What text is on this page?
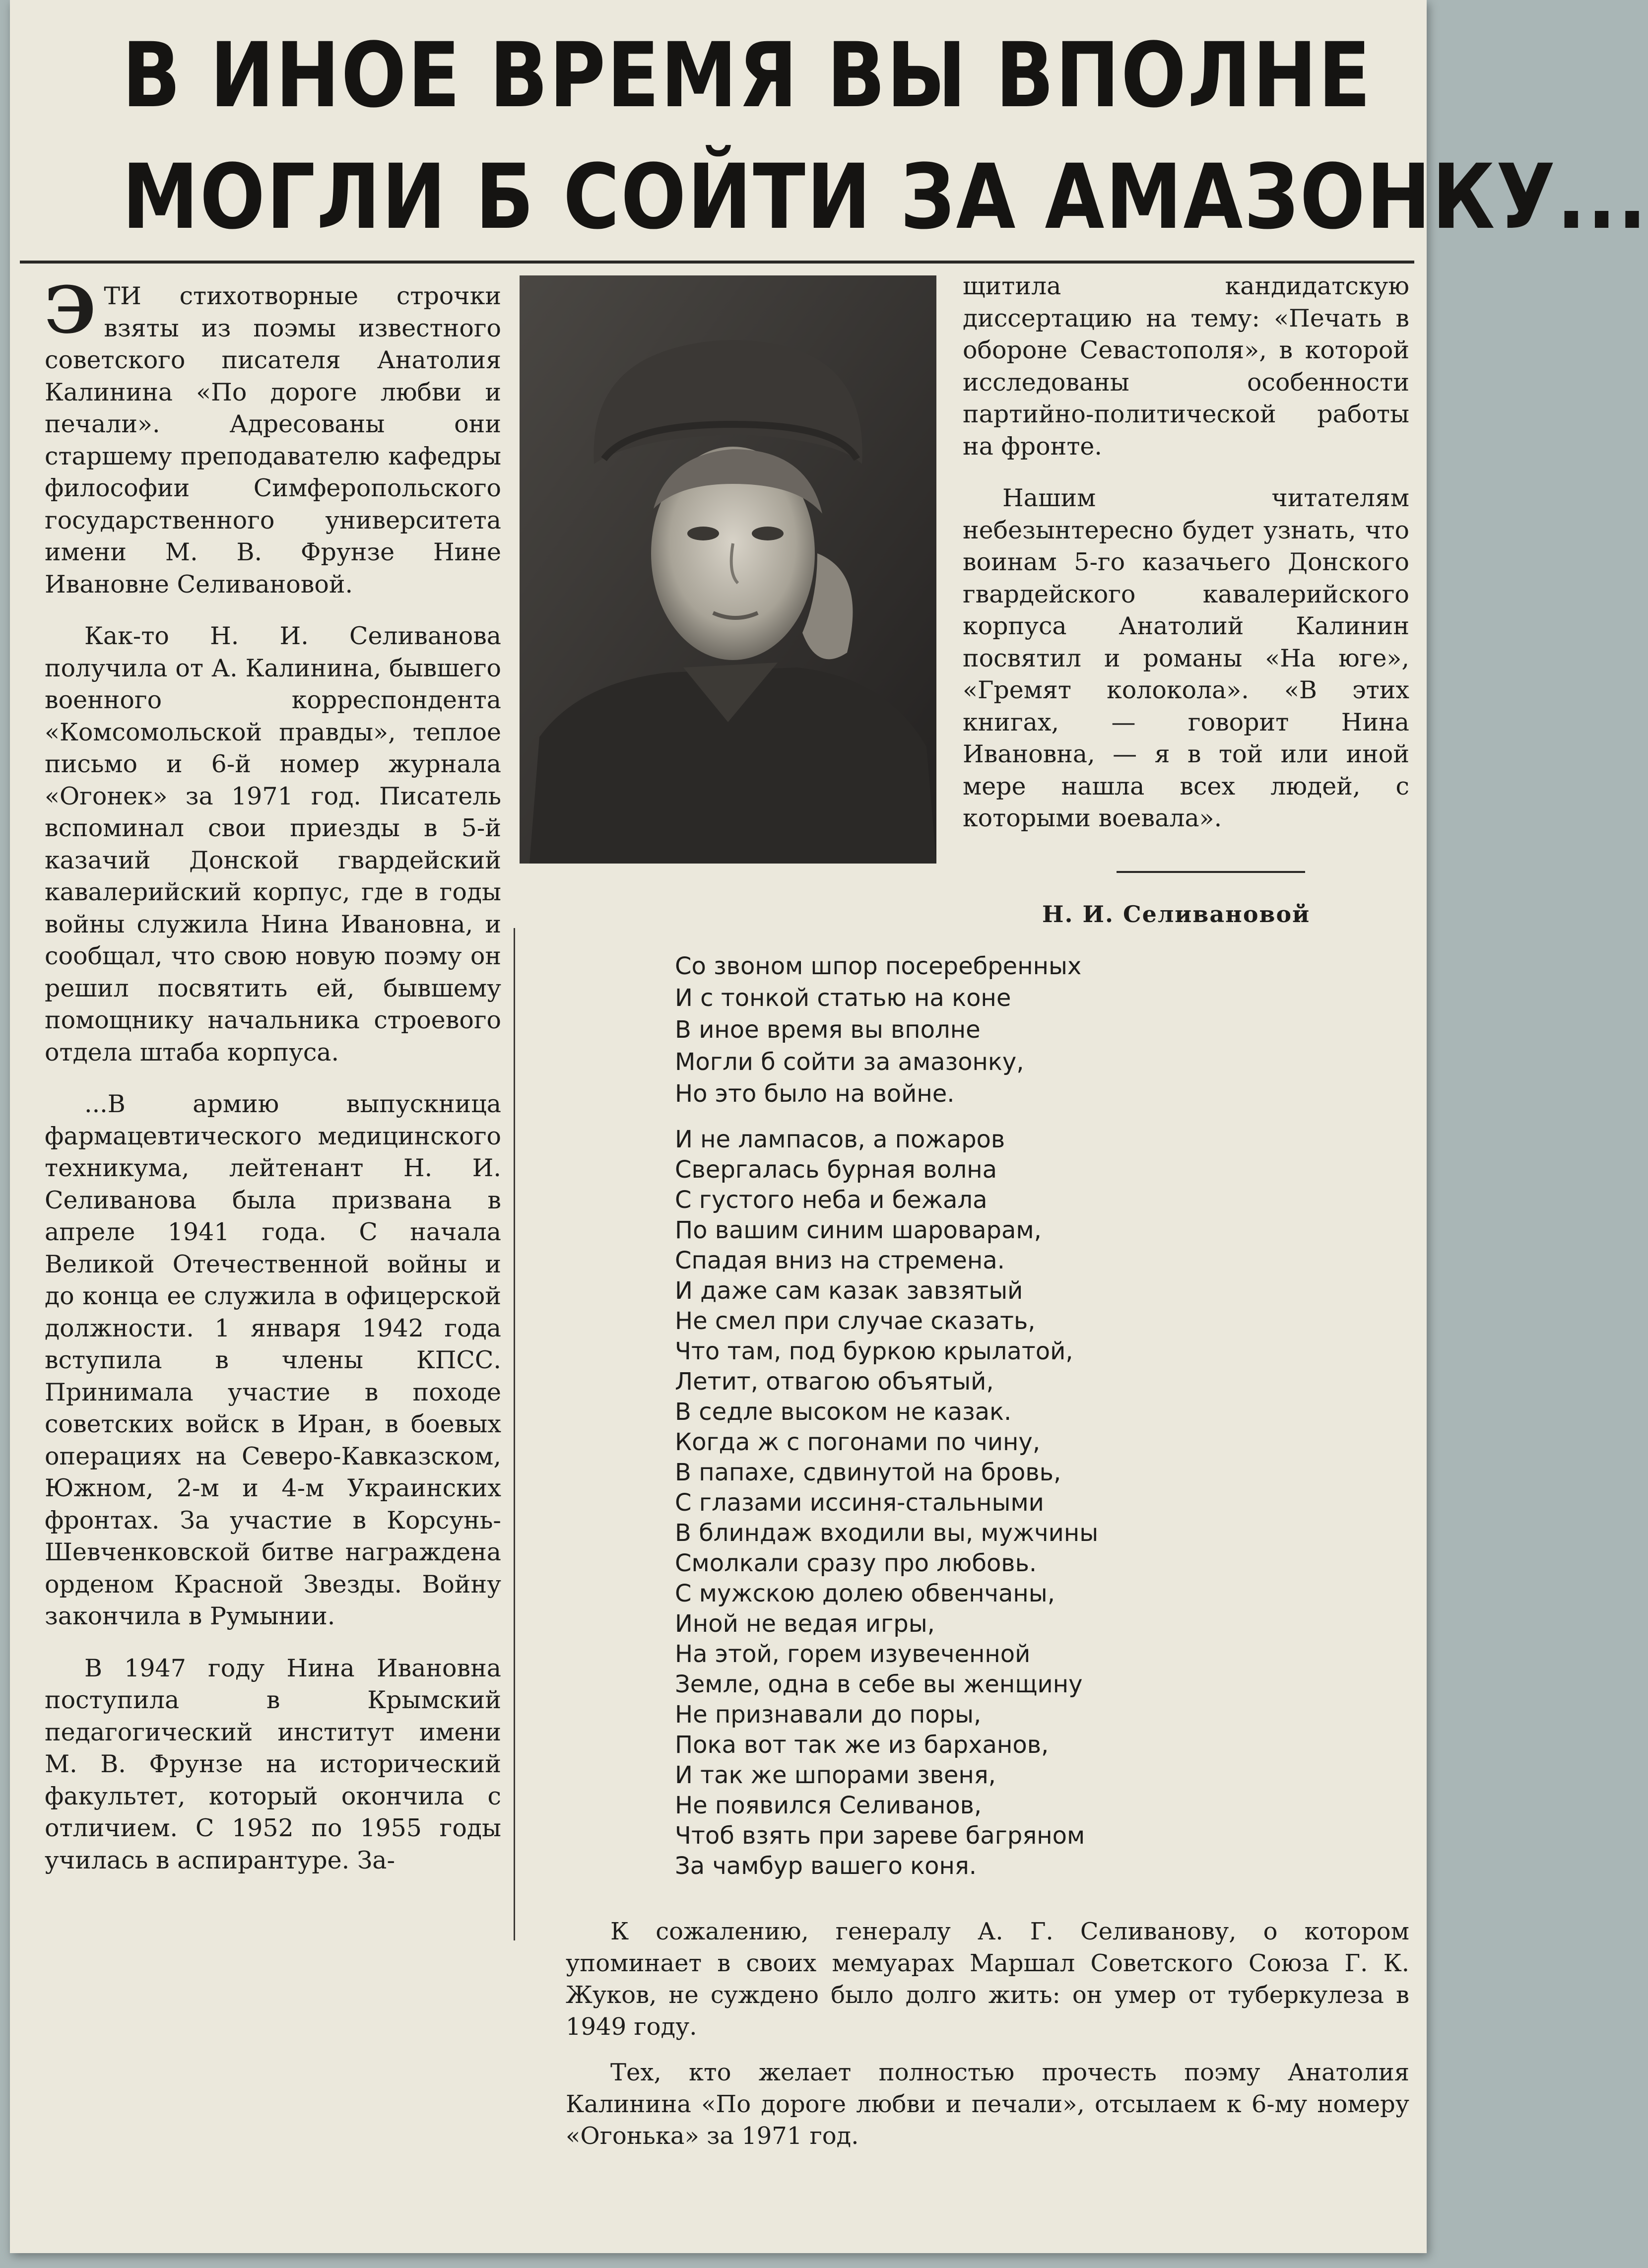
В ИНОЕ ВРЕМЯ ВЫ ВПОЛНЕ
МОГЛИ Б СОЙТИ ЗА АМАЗОНКУ...

ЭТИ стихотворные строчки взяты из поэмы известного советского писателя Анатолия Калинина «По дороге любви и печали». Адресованы они старшему преподавателю кафедры философии Симферопольского государственного университета имени М. В. Фрунзе Нине Ивановне Селивановой.

Как-то Н. И. Селиванова получила от А. Калинина, бывшего военного корреспондента «Комсомольской правды», теплое письмо и 6-й номер журнала «Огонек» за 1971 год. Писатель вспоминал свои приезды в 5-й казачий Донской гвардейский кавалерийский корпус, где в годы войны служила Нина Ивановна, и сообщал, что свою новую поэму он решил посвятить ей, бывшему помощнику начальника строевого отдела штаба корпуса.

...В армию выпускница фармацевтического медицинского техникума, лейтенант Н. И. Селиванова была призвана в апреле 1941 года. С начала Великой Отечественной войны и до конца ее служила в офицерской должности. 1 января 1942 года вступила в члены КПСС. Принимала участие в походе советских войск в Иран, в боевых операциях на Северо-Кавказском, Южном, 2-м и 4-м Украинских фронтах. За участие в Корсунь-Шевченковской битве награждена орденом Красной Звезды. Войну закончила в Румынии.

В 1947 году Нина Ивановна поступила в Крымский педагогический институт имени М. В. Фрунзе на исторический факультет, который окончила с отличием. С 1952 по 1955 годы училась в аспирантуре. За-

щитила кандидатскую диссертацию на тему: «Печать в обороне Севастополя», в которой исследованы особенности партийно-политической работы на фронте.

Нашим читателям небезынтересно будет узнать, что воинам 5-го казачьего Донского гвардейского кавалерийского корпуса Анатолий Калинин посвятил и романы «На юге», «Гремят колокола». «В этих книгах, — говорит Нина Ивановна, — я в той или иной мере нашла всех людей, с которыми воевала».

Н. И. Селивановой

Со звоном шпор посеребренных
И с тонкой статью на коне
В иное время вы вполне
Могли б сойти за амазонку,
Но это было на войне.
И не лампасов, а пожаров
Свергалась бурная волна
С густого неба и бежала
По вашим синим шароварам,
Спадая вниз на стремена.
И даже сам казак завзятый
Не смел при случае сказать,
Что там, под буркою крылатой,
Летит, отвагою объятый,
В седле высоком не казак.
Когда ж с погонами по чину,
В папахе, сдвинутой на бровь,
С глазами иссиня-стальными
В блиндаж входили вы, мужчины
Смолкали сразу про любовь.
С мужскою долею обвенчаны,
Иной не ведая игры,
На этой, горем изувеченной
Земле, одна в себе вы женщину
Не признавали до поры,
Пока вот так же из барханов,
И так же шпорами звеня,
Не появился Селиванов,
Чтоб взять при зареве багряном
За чамбур вашего коня.

К сожалению, генералу А. Г. Селиванову, о котором упоминает в своих мемуарах Маршал Советского Союза Г. К. Жуков, не суждено было долго жить: он умер от туберкулеза в 1949 году.

Тех, кто желает полностью прочесть поэму Анатолия Калинина «По дороге любви и печали», отсылаем к 6-му номеру «Огонька» за 1971 год.
